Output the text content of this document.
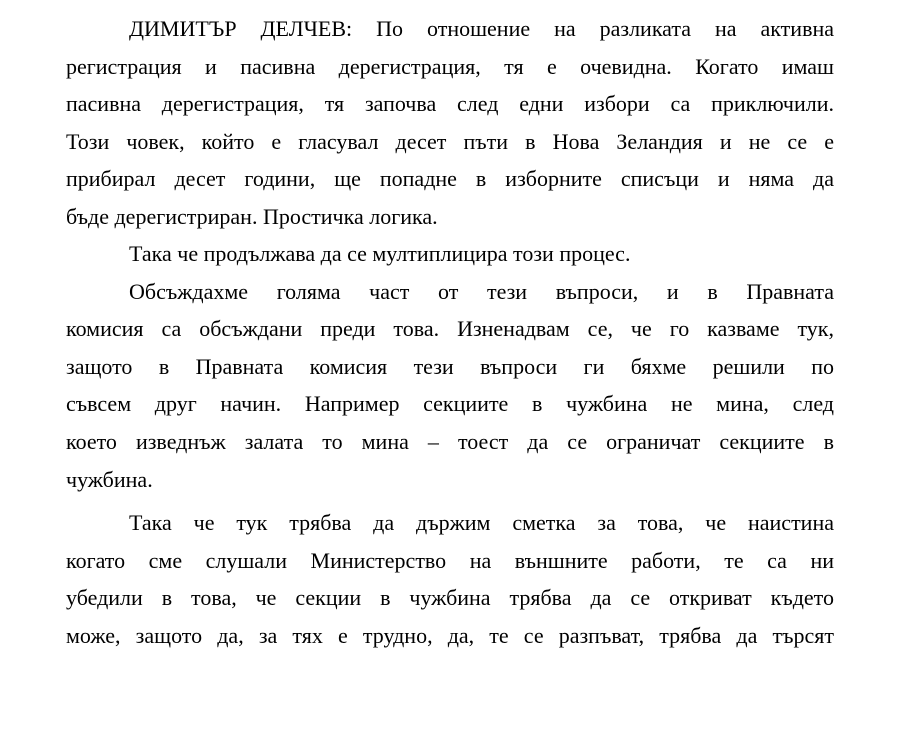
ДИМИТЪР ДЕЛЧЕВ: По отношение на разликата на активна
регистрация и пасивна дерегистрация, тя е очевидна. Когато имаш
пасивна дерегистрация, тя започва след едни избори са приключили.
Този човек, който е гласувал десет пъти в Нова Зеландия и не се е
прибирал десет години, ще попадне в изборните списъци и няма да
бъде дерегистриран. Простичка логика.
Така че продължава да се мултиплицира този процес.
Обсъждахме голяма част от тези въпроси, и в Правната
комисия са обсъждани преди това. Изненадвам се, че го казваме тук,
защото в Правната комисия тези въпроси ги бяхме решили по
съвсем друг начин. Например секциите в чужбина не мина, след
което изведнъж залата то мина – тоест да се ограничат секциите в
чужбина.
Така че тук трябва да държим сметка за това, че наистина
когато сме слушали Министерство на външните работи, те са ни
убедили в това, че секции в чужбина трябва да се откриват където
може, защото да, за тях е трудно, да, те се разпъват, трябва да търсят
